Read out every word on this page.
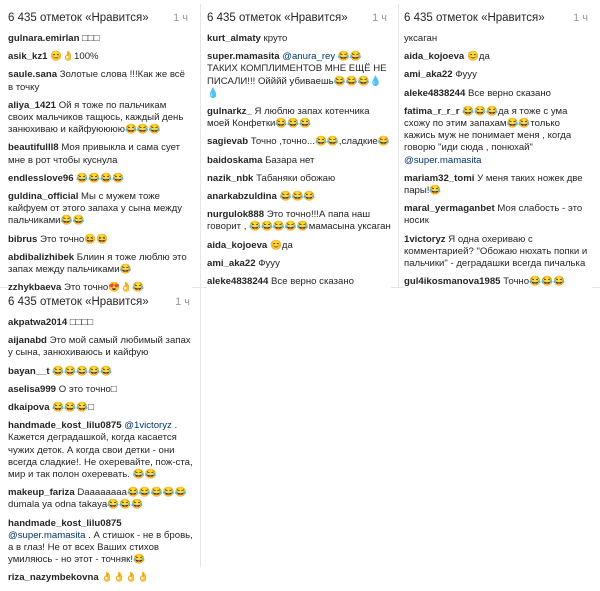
6 435 отметок «Нравится» 1 ч
gulnara.emirlan □□□
asik_kz1 😊👌100%
saule.sana Золотые слова !!!Как же всё в точку
aliya_1421 Ой я тоже по пальчикам своих мальчиков тащюсь, каждый день занюхиваю и кайфуюююю😂😂😂
beautifulll8 Моя привыкла и сама сует мне в рот чтобы куснула
endlesslove96 😂😂😂😂
guldina_official Мы с мужем тоже кайфуем от этого запаха у сына между пальчиками😂😂
bibrus Это точно😆😆
abdibalizhibek Блиин я тоже люблю это запах между пальчиками😂
zzhykbaeva Это точно😍👌😂
6 435 отметок «Нравится» 1 ч
kurt_almaty круто
super.mamasita @anura_rey 😂😂 ТАКИХ КОМПЛИМЕНТОВ МНЕ ЕЩЁ НЕ ПИСАЛИ!!! Ойййй убиваешь😂😂😂💧💧
gulnarkz_ Я люблю запах котенчика моей Конфетки😂😂😂
sagievab Точно ,точно...😂😂,сладкие😂
baidoskama Базара нет
nazik_nbk Табаняки обожаю
anarkabzuldina 😂😂😂
nurgulok888 Это точно!!!А папа наш говорит , 😂😂😂😂😂мамасына уксаган
aida_kojoeva 😊да
ami_aka22 Фууу
aleke4838244 Все верно сказано
6 435 отметок «Нравится»	1 ч
уксаган
aida_kojoeva 😊да
ami_aka22 Фууу
aleke4838244 Все верно сказано
fatima_r_r_r 😂😂😂да я тоже с ума схожу по этим запахам😂😂только кажись муж не понимает меня , когда говорю "иди сюда , понюхай" @super.mamasita
mariam32_tomi У меня таких ножек две пары!😂
maral_yermaganbet Моя слабость - это носик
1victoryz Я одна охериваю с комментарией? "Обожаю нюхать попки и пальчики" - деградашки всегда пичалька
gul4ikosmanova1985 Точно😂😂😂
6 435 отметок «Нравится» 1 ч
akpatwa2014 □□□□
aijanabd Это мой самый любимый запах у сына, занюхиваюсь и кайфую
bayan__t 😂😂😂😂😂
aselisa999 О это точно□
dkaipova 😂😂😂□
handmade_kost_lilu0875 @1victoryz . Кажется деградашкой, когда касается чужих деток. А когда свои детки - они всегда сладкие!. Не охеревайте, пож-ста, мир и так полон охеревать. 😂😂
makeup_fariza Daaaaaaaa😂😂😂😂😂 dumala ya odna takaya😂😂😂
handmade_kost_lilu0875 @super.mamasita . А стишок - не в бровь, а в глаз! Не от всех Ваших стихов умиляюсь - но этот - точняк!😂
riza_nazymbekovna 👌👌👌👌
